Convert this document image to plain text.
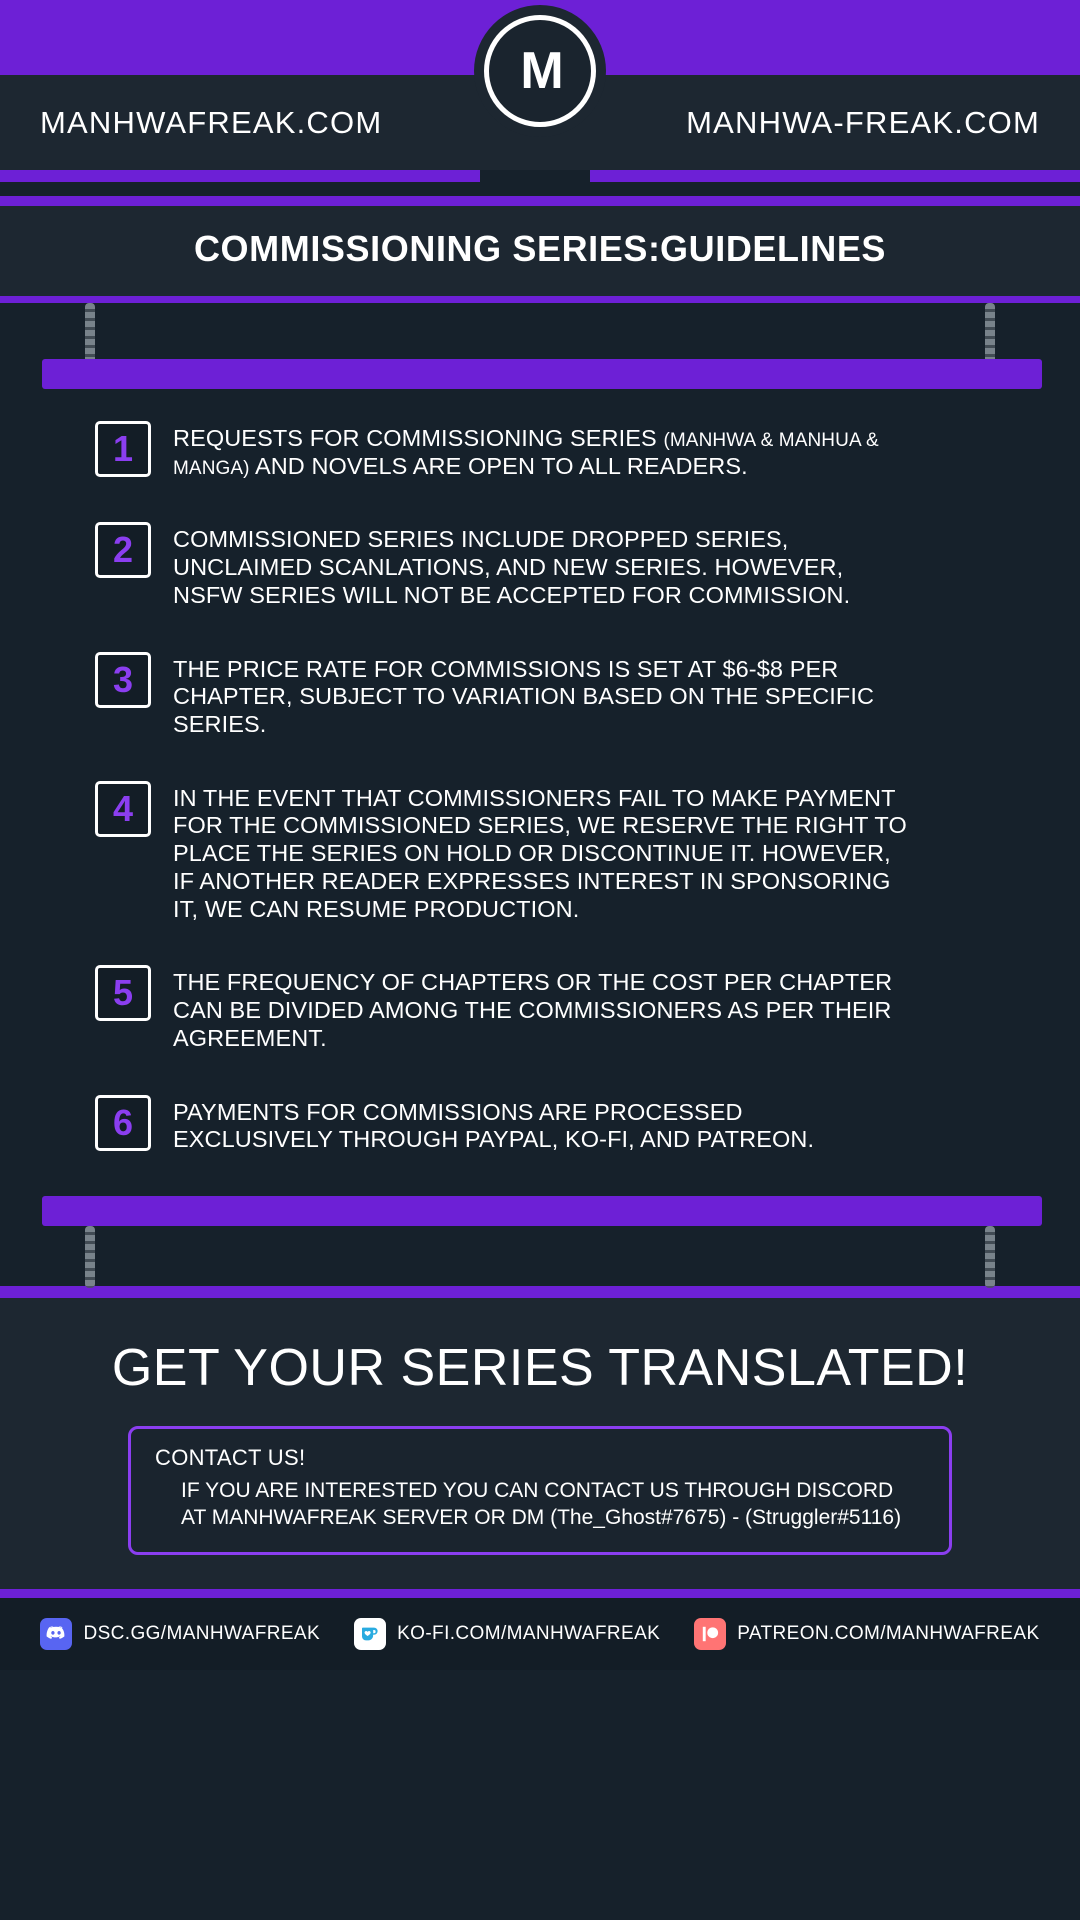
MANHWAFREAK.COM	MANHWA-FREAK.COM
M
COMMISSIONING SERIES:GUIDELINES
1	REQUESTS FOR COMMISSIONING SERIES (MANHWA & MANHUA & MANGA) AND NOVELS ARE OPEN TO ALL READERS.
2	COMMISSIONED SERIES INCLUDE DROPPED SERIES, UNCLAIMED SCANLATIONS, AND NEW SERIES. HOWEVER, NSFW SERIES WILL NOT BE ACCEPTED FOR COMMISSION.
3	THE PRICE RATE FOR COMMISSIONS IS SET AT $6-$8 PER CHAPTER, SUBJECT TO VARIATION BASED ON THE SPECIFIC SERIES.
4	IN THE EVENT THAT COMMISSIONERS FAIL TO MAKE PAYMENT FOR THE COMMISSIONED SERIES, WE RESERVE THE RIGHT TO PLACE THE SERIES ON HOLD OR DISCONTINUE IT. HOWEVER, IF ANOTHER READER EXPRESSES INTEREST IN SPONSORING IT, WE CAN RESUME PRODUCTION.
5	THE FREQUENCY OF CHAPTERS OR THE COST PER CHAPTER CAN BE DIVIDED AMONG THE COMMISSIONERS AS PER THEIR AGREEMENT.
6	PAYMENTS FOR COMMISSIONS ARE PROCESSED EXCLUSIVELY THROUGH PAYPAL, KO-FI, AND PATREON.
GET YOUR SERIES TRANSLATED!
CONTACT US!
IF YOU ARE INTERESTED YOU CAN CONTACT US THROUGH DISCORD
AT MANHWAFREAK SERVER OR DM (The_Ghost#7675) - (Struggler#5116)
DSC.GG/MANHWAFREAK	KO-FI.COM/MANHWAFREAK	PATREON.COM/MANHWAFREAK
